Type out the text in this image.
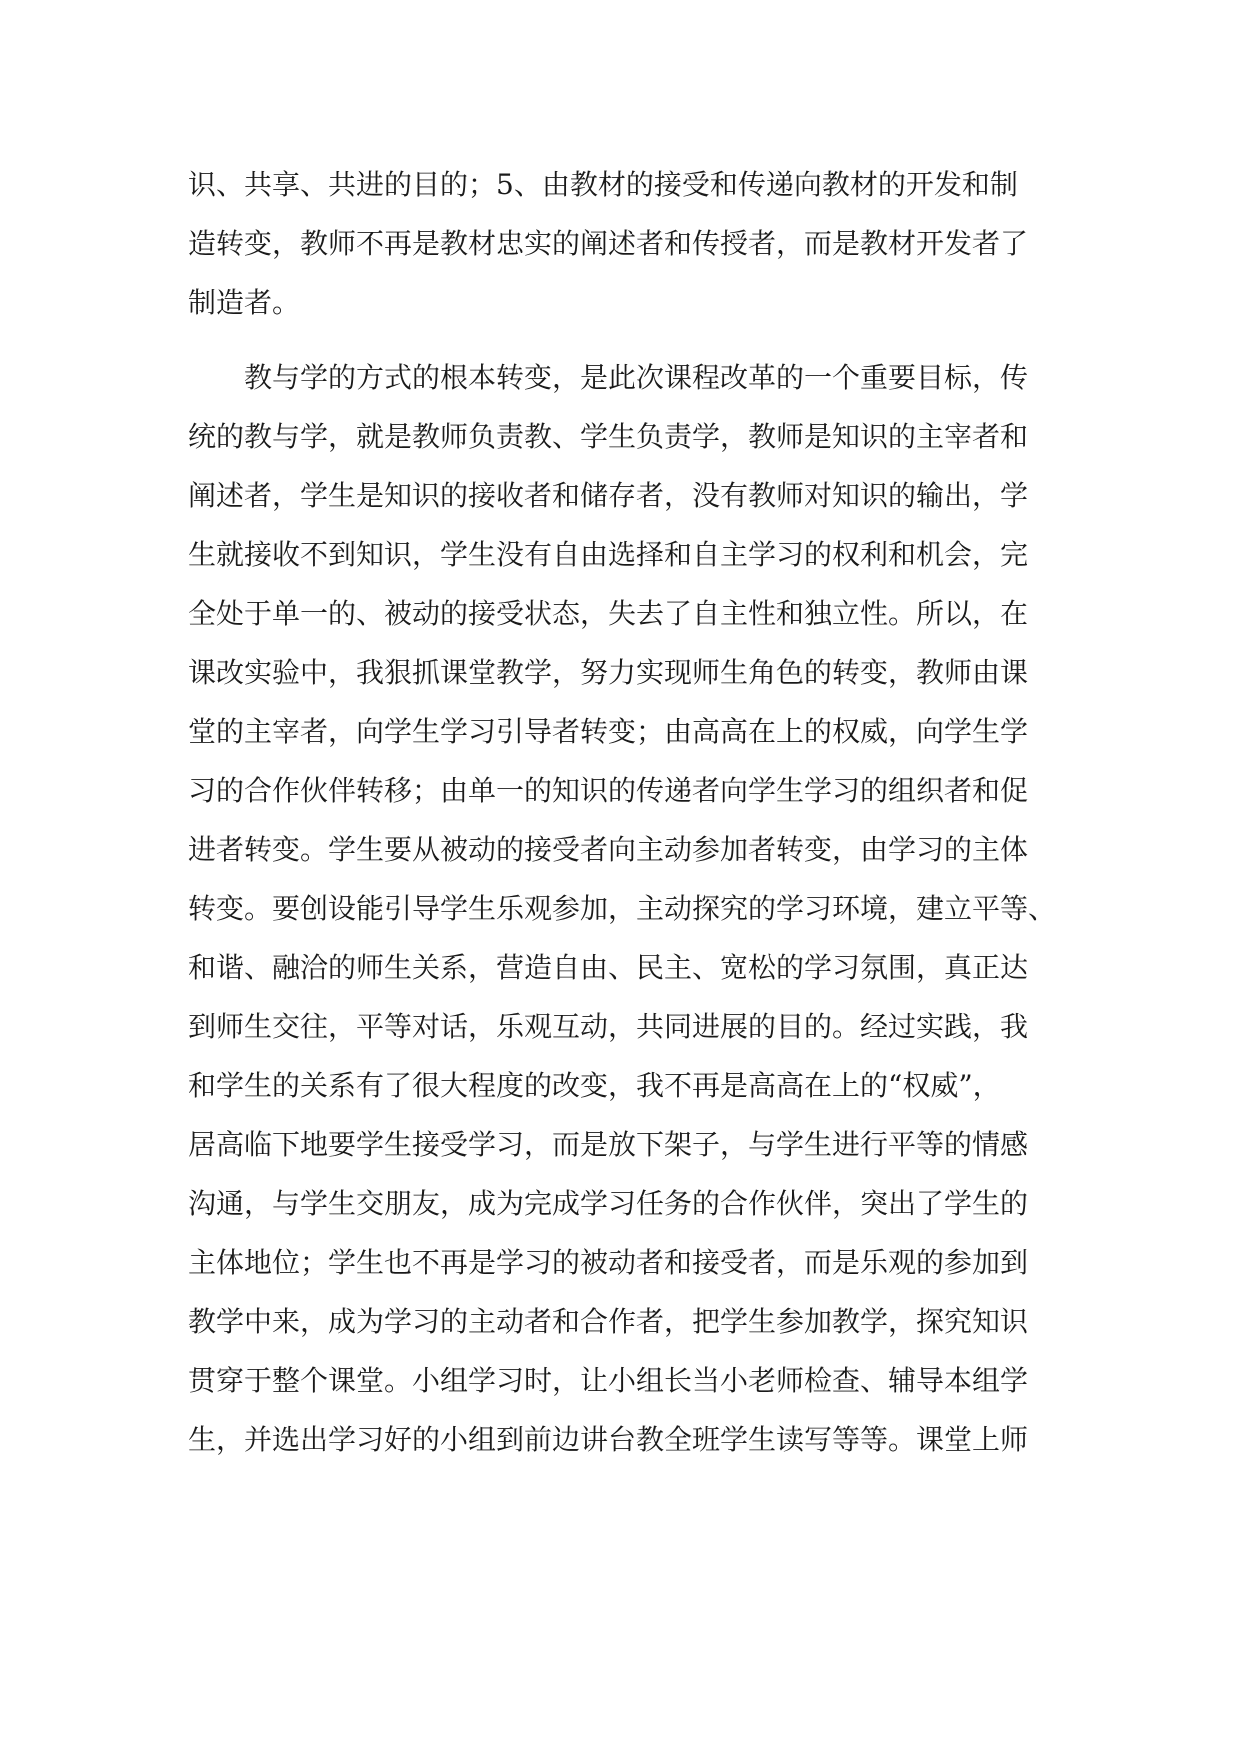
识、共享、共进的目的；5、由教材的接受和传递向教材的开发和制
造转变，教师不再是教材忠实的阐述者和传授者，而是教材开发者了
制造者。
　　教与学的方式的根本转变，是此次课程改革的一个重要目标，传
统的教与学，就是教师负责教、学生负责学，教师是知识的主宰者和
阐述者，学生是知识的接收者和储存者，没有教师对知识的输出，学
生就接收不到知识，学生没有自由选择和自主学习的权利和机会，完
全处于单一的、被动的接受状态，失去了自主性和独立性。所以，在
课改实验中，我狠抓课堂教学，努力实现师生角色的转变，教师由课
堂的主宰者，向学生学习引导者转变；由高高在上的权威，向学生学
习的合作伙伴转移；由单一的知识的传递者向学生学习的组织者和促
进者转变。学生要从被动的接受者向主动参加者转变，由学习的主体
转变。要创设能引导学生乐观参加，主动探究的学习环境，建立平等、
和谐、融洽的师生关系，营造自由、民主、宽松的学习氛围，真正达
到师生交往，平等对话，乐观互动，共同进展的目的。经过实践，我
和学生的关系有了很大程度的改变，我不再是高高在上的“权威”，
居高临下地要学生接受学习，而是放下架子，与学生进行平等的情感
沟通，与学生交朋友，成为完成学习任务的合作伙伴，突出了学生的
主体地位；学生也不再是学习的被动者和接受者，而是乐观的参加到
教学中来，成为学习的主动者和合作者，把学生参加教学，探究知识
贯穿于整个课堂。小组学习时，让小组长当小老师检查、辅导本组学
生，并选出学习好的小组到前边讲台教全班学生读写等等。课堂上师
